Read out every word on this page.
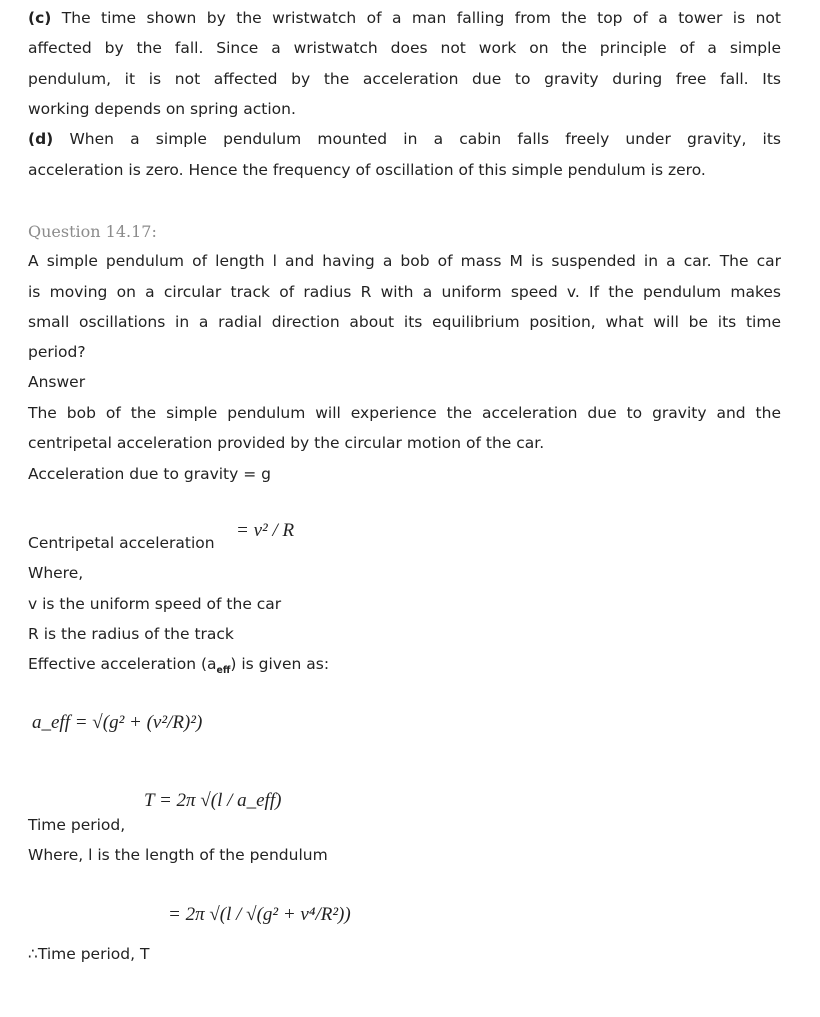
(c) The time shown by the wristwatch of a man falling from the top of a tower is not
affected by the fall. Since a wristwatch does not work on the principle of a simple
pendulum, it is not affected by the acceleration due to gravity during free fall. Its
working depends on spring action.
(d) When a simple pendulum mounted in a cabin falls freely under gravity, its
acceleration is zero. Hence the frequency of oscillation of this simple pendulum is zero.
Question 14.17:
A simple pendulum of length l and having a bob of mass M is suspended in a car. The car
is moving on a circular track of radius R with a uniform speed v. If the pendulum makes
small oscillations in a radial direction about its equilibrium position, what will be its time
period?
Answer
The bob of the simple pendulum will experience the acceleration due to gravity and the
centripetal acceleration provided by the circular motion of the car.
Acceleration due to gravity = g
= v² / R
Centripetal acceleration
Where,
v is the uniform speed of the car
R is the radius of the track
Effective acceleration $(a_{eff})$ is given as:
a_eff = √(g² + (v²/R)²)
T = 2π √(l / a_eff)
Time period,
Where, l is the length of the pendulum
= 2π √(l / √(g² + v⁴/R²))
∴Time period, T
